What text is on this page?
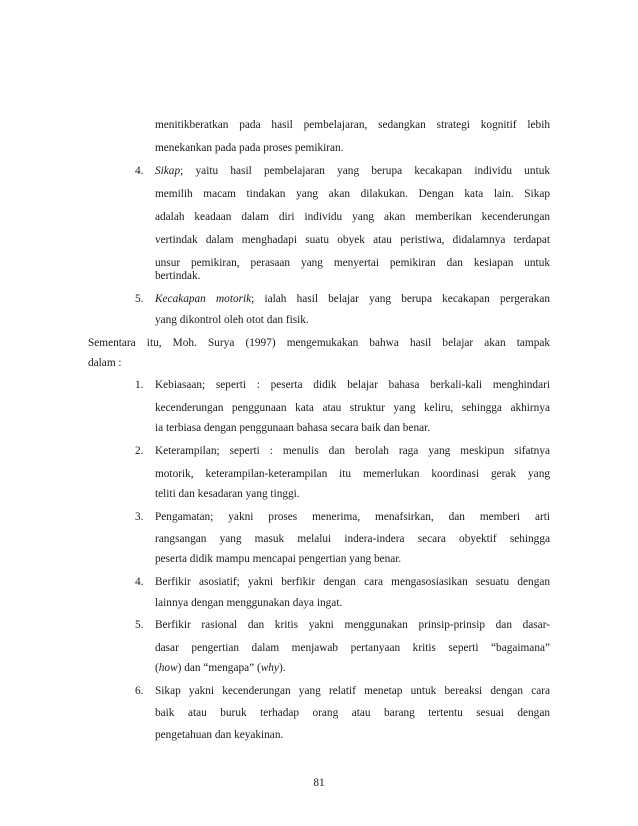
menitikberatkan pada hasil pembelajaran, sedangkan strategi kognitif lebih
menekankan pada pada proses pemikiran.
4. Sikap; yaitu hasil pembelajaran yang berupa kecakapan individu untuk
memilih macam tindakan yang akan dilakukan. Dengan kata lain. Sikap
adalah keadaan dalam diri individu yang akan memberikan kecenderungan
vertindak dalam menghadapi suatu obyek atau peristiwa, didalamnya terdapat
unsur pemikiran, perasaan yang menyertai pemikiran dan kesiapan untuk
bertindak.
5. Kecakapan motorik; ialah hasil belajar yang berupa kecakapan pergerakan
yang dikontrol oleh otot dan fisik.
Sementara itu, Moh. Surya (1997) mengemukakan bahwa hasil belajar akan tampak
dalam :
1. Kebiasaan; seperti : peserta didik belajar bahasa berkali-kali menghindari
kecenderungan penggunaan kata atau struktur yang keliru, sehingga akhirnya
ia terbiasa dengan penggunaan bahasa secara baik dan benar.
2. Keterampilan; seperti : menulis dan berolah raga yang meskipun sifatnya
motorik, keterampilan-keterampilan itu memerlukan koordinasi gerak yang
teliti dan kesadaran yang tinggi.
3. Pengamatan; yakni proses menerima, menafsirkan, dan memberi arti
rangsangan yang masuk melalui indera-indera secara obyektif sehingga
peserta didik mampu mencapai pengertian yang benar.
4. Berfikir asosiatif; yakni berfikir dengan cara mengasosiasikan sesuatu dengan
lainnya dengan menggunakan daya ingat.
5. Berfikir rasional dan kritis yakni menggunakan prinsip-prinsip dan dasar-
dasar pengertian dalam menjawab pertanyaan kritis seperti “bagaimana”
(how) dan “mengapa” (why).
6. Sikap yakni kecenderungan yang relatif menetap untuk bereaksi dengan cara
baik atau buruk terhadap orang atau barang tertentu sesuai dengan
pengetahuan dan keyakinan.
81
